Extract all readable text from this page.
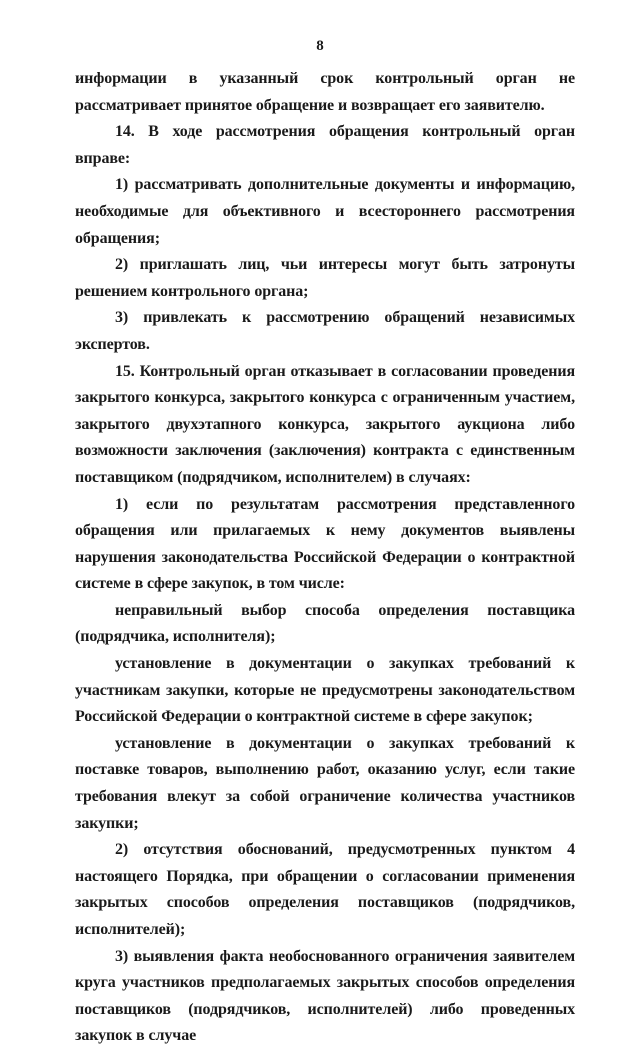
8

информации в указанный срок контрольный орган не рассматривает принятое обращение и возвращает его заявителю.

14. В ходе рассмотрения обращения контрольный орган вправе:

1) рассматривать дополнительные документы и информацию, необходимые для объективного и всестороннего рассмотрения обращения;

2) приглашать лиц, чьи интересы могут быть затронуты решением контрольного органа;

3) привлекать к рассмотрению обращений независимых экспертов.

15. Контрольный орган отказывает в согласовании проведения закрытого конкурса, закрытого конкурса с ограниченным участием, закрытого двухэтапного конкурса, закрытого аукциона либо возможности заключения (заключения) контракта с единственным поставщиком (подрядчиком, исполнителем) в случаях:

1) если по результатам рассмотрения представленного обращения или прилагаемых к нему документов выявлены нарушения законодательства Российской Федерации о контрактной системе в сфере закупок, в том числе:

неправильный выбор способа определения поставщика (подрядчика, исполнителя);

установление в документации о закупках требований к участникам закупки, которые не предусмотрены законодательством Российской Федерации о контрактной системе в сфере закупок;

установление в документации о закупках требований к поставке товаров, выполнению работ, оказанию услуг, если такие требования влекут за собой ограничение количества участников закупки;

2) отсутствия обоснований, предусмотренных пунктом 4 настоящего Порядка, при обращении о согласовании применения закрытых способов определения поставщиков (подрядчиков, исполнителей);

3) выявления факта необоснованного ограничения заявителем круга участников предполагаемых закрытых способов определения поставщиков (подрядчиков, исполнителей) либо проведенных закупок в случае
